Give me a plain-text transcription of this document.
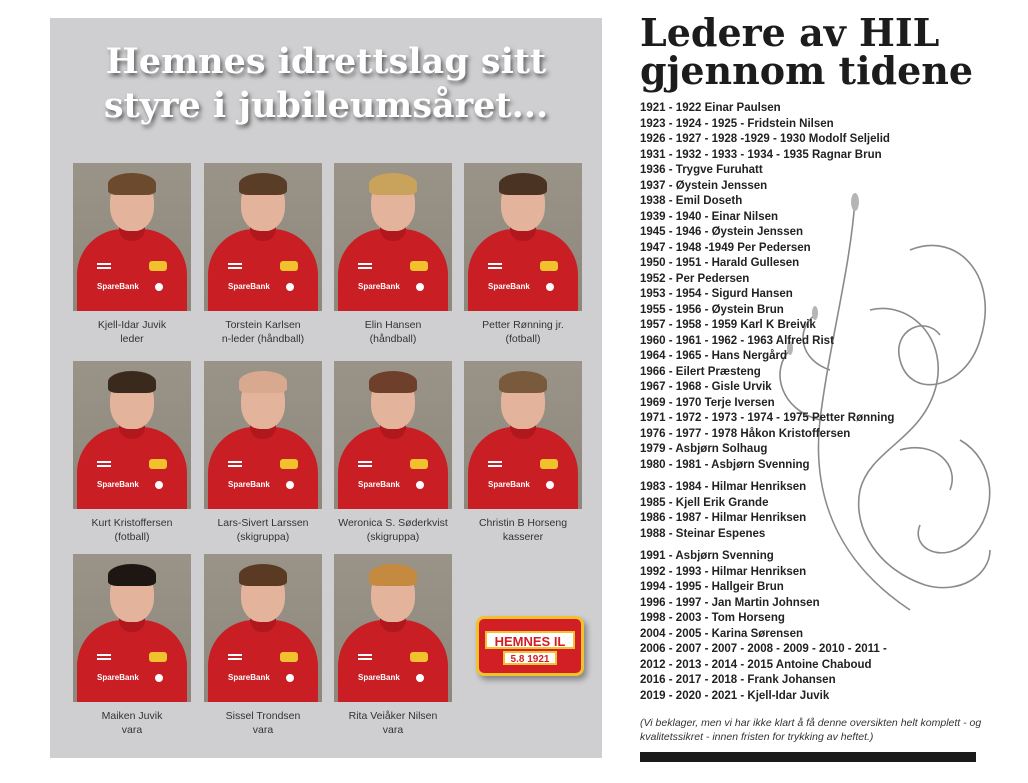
Hemnes idrettslag sitt styre i jubileumsåret...
SpareBank
Kjell-Idar Juvik
leder
SpareBank
Torstein Karlsen
n-leder (håndball)
SpareBank
Elin Hansen
(håndball)
SpareBank
Petter Rønning jr.
(fotball)
SpareBank
Kurt Kristoffersen
(fotball)
SpareBank
Lars-Sivert Larssen
(skigruppa)
SpareBank
Weronica S. Søderkvist
(skigruppa)
SpareBank
Christin B Horseng
kasserer
SpareBank
Maiken Juvik
vara
SpareBank
Sissel Trondsen
vara
SpareBank
Rita Veiåker Nilsen
vara
HEMNES IL
5.8 1921
Ledere av HIL gjennom tidene
1921 - 1922 Einar Paulsen
1923 - 1924 - 1925 - Fridstein Nilsen
1926 - 1927 - 1928 -1929 - 1930 Modolf Seljelid
1931 - 1932 - 1933 - 1934 - 1935 Ragnar Brun
1936 - Trygve Furuhatt
1937 - Øystein Jenssen
1938 - Emil Doseth
1939 - 1940 - Einar Nilsen
1945 - 1946 - Øystein Jenssen
1947 - 1948 -1949 Per Pedersen
1950 - 1951 - Harald Gullesen
1952 - Per Pedersen
1953 - 1954 - Sigurd Hansen
1955 - 1956 - Øystein Brun
1957 - 1958 - 1959 Karl K Breivik
1960 - 1961 - 1962 - 1963 Alfred Rist
1964 - 1965 - Hans Nergård
1966 - Eilert Præsteng
1967 - 1968 - Gisle Urvik
1969 - 1970 Terje Iversen
1971 - 1972 - 1973 - 1974 - 1975 Petter Rønning
1976 - 1977 - 1978 Håkon Kristoffersen
1979 - Asbjørn Solhaug
1980 - 1981 - Asbjørn Svenning
1983 - 1984 - Hilmar Henriksen
1985 - Kjell Erik Grande
1986 - 1987 - Hilmar Henriksen
1988 - Steinar Espenes
1991 - Asbjørn Svenning
1992 - 1993 - Hilmar Henriksen
1994 - 1995 - Hallgeir Brun
1996 - 1997 - Jan Martin Johnsen
1998 - 2003 - Tom Horseng
2004 - 2005 - Karina Sørensen
2006 - 2007 - 2007 - 2008 - 2009 - 2010 - 2011 -
2012 - 2013 - 2014 - 2015 Antoine Chaboud
2016 - 2017 - 2018 - Frank Johansen
2019 - 2020 - 2021 - Kjell-Idar Juvik

(Vi beklager, men vi har ikke klart å få denne oversikten helt komplett - og kvalitetssikret - innen fristen for trykking av heftet.)
